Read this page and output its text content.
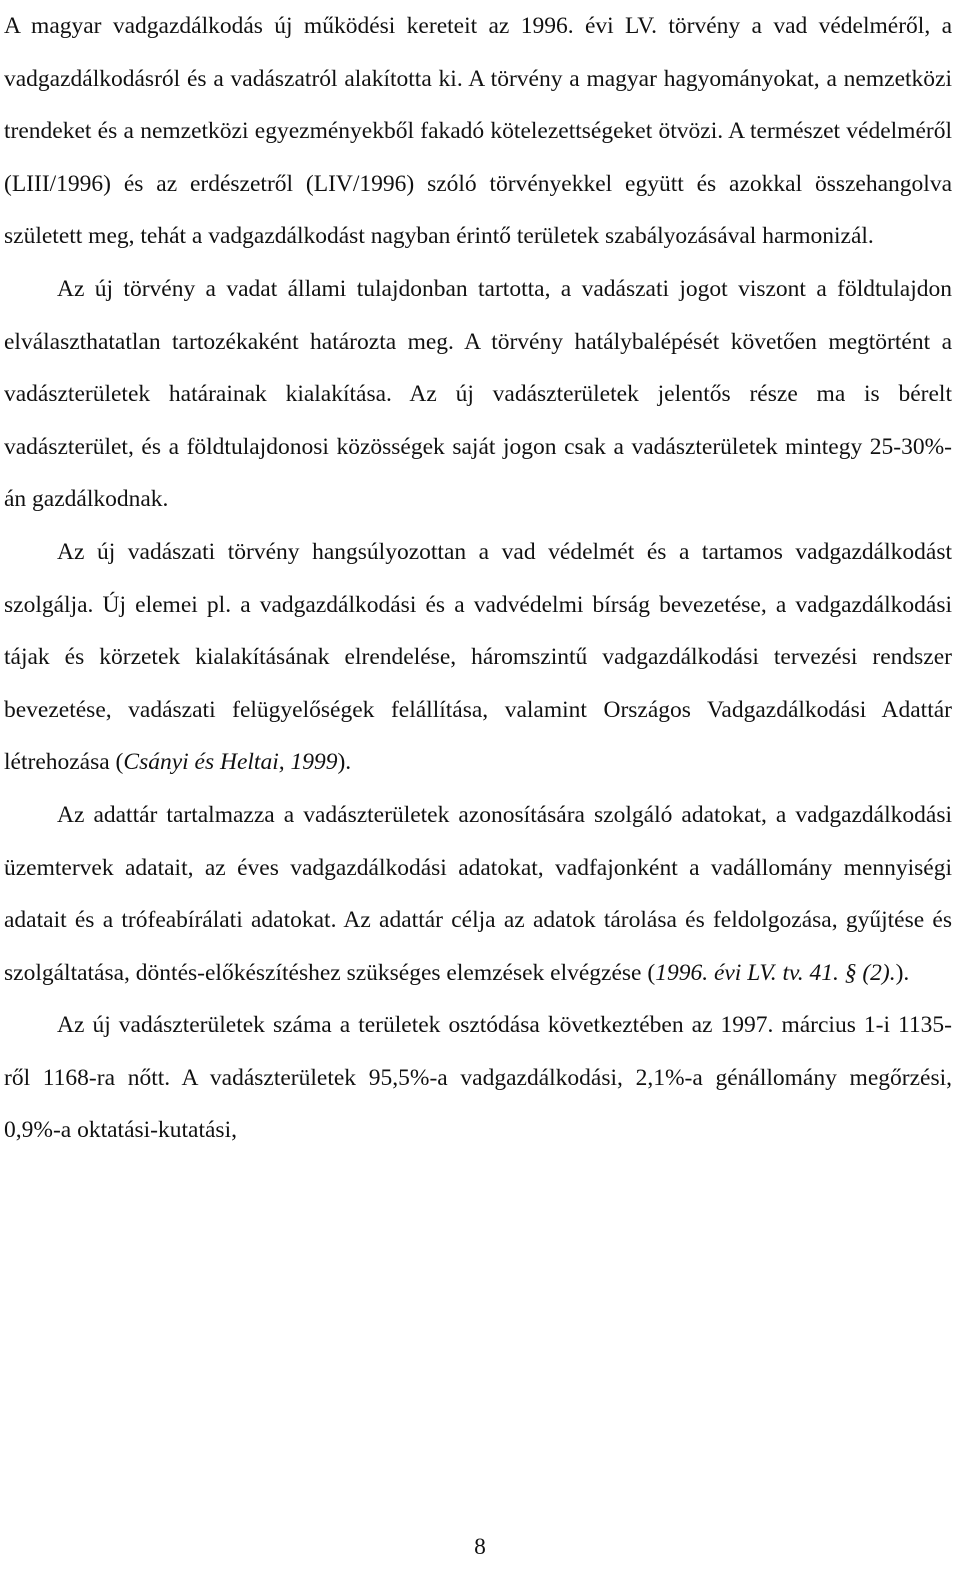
A magyar vadgazdálkodás új működési kereteit az 1996. évi LV. törvény a vad védelméről, a vadgazdálkodásról és a vadászatról alakította ki. A törvény a magyar hagyományokat, a nemzetközi trendeket és a nemzetközi egyezményekből fakadó kötelezettségeket ötvözi. A természet védelméről (LIII/1996) és az erdészetről (LIV/1996) szóló törvényekkel együtt és azokkal összehangolva született meg, tehát a vadgazdálkodást nagyban érintő területek szabályozásával harmonizál.

Az új törvény a vadat állami tulajdonban tartotta, a vadászati jogot viszont a földtulajdon elválaszthatatlan tartozékaként határozta meg. A törvény hatálybalépését követően megtörtént a vadászterületek határainak kialakítása. Az új vadászterületek jelentős része ma is bérelt vadászterület, és a földtulajdonosi közösségek saját jogon csak a vadászterületek mintegy 25-30%-án gazdálkodnak.

Az új vadászati törvény hangsúlyozottan a vad védelmét és a tartamos vadgazdálkodást szolgálja. Új elemei pl. a vadgazdálkodási és a vadvédelmi bírság bevezetése, a vadgazdálkodási tájak és körzetek kialakításának elrendelése, háromszintű vadgazdálkodási tervezési rendszer bevezetése, vadászati felügyelőségek felállítása, valamint Országos Vadgazdálkodási Adattár létrehozása (Csányi és Heltai, 1999).

Az adattár tartalmazza a vadászterületek azonosítására szolgáló adatokat, a vadgazdálkodási üzemtervek adatait, az éves vadgazdálkodási adatokat, vadfajonként a vadállomány mennyiségi adatait és a trófeabírálati adatokat. Az adattár célja az adatok tárolása és feldolgozása, gyűjtése és szolgáltatása, döntés-előkészítéshez szükséges elemzések elvégzése (1996. évi LV. tv. 41. § (2).).

Az új vadászterületek száma a területek osztódása következtében az 1997. március 1-i 1135-ről 1168-ra nőtt. A vadászterületek 95,5%-a vadgazdálkodási, 2,1%-a génállomány megőrzési, 0,9%-a oktatási-kutatási,

8
